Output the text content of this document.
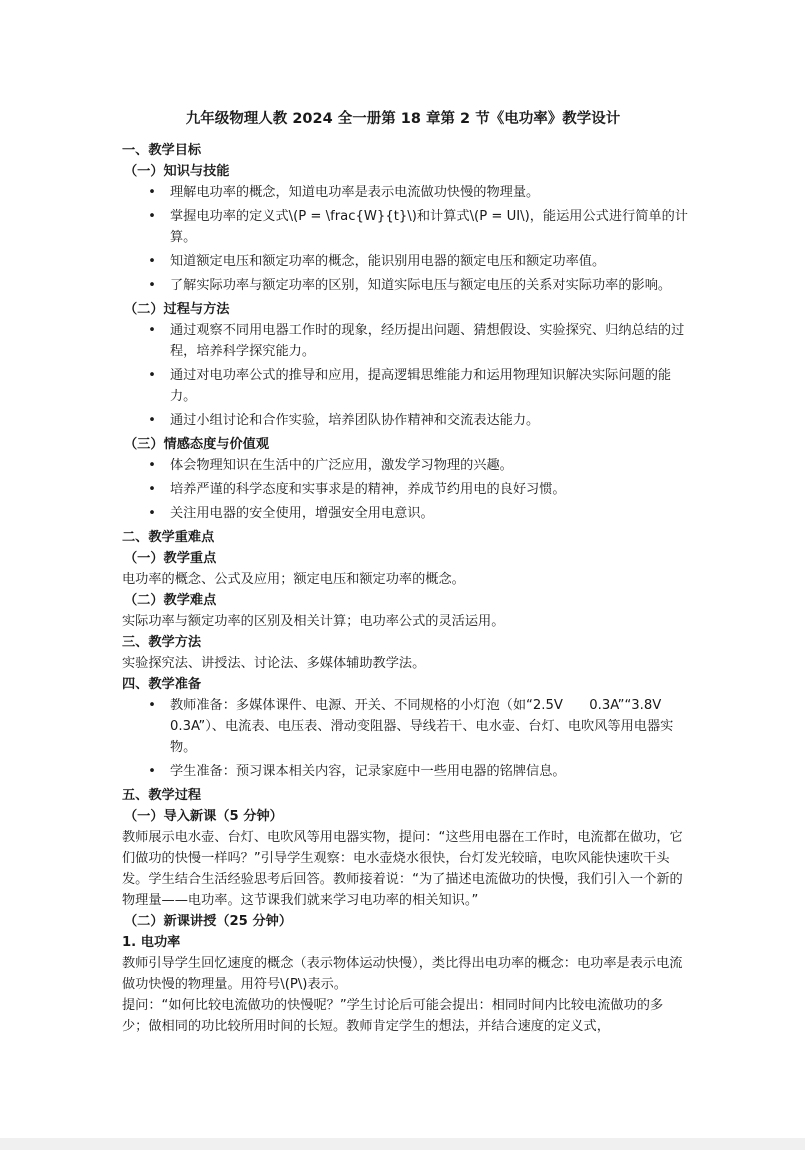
九年级物理人教 2024 全一册第 18 章第 2 节《电功率》教学设计
一、教学目标
（一）知识与技能
• 理解电功率的概念，知道电功率是表示电流做功快慢的物理量。
• 掌握电功率的定义式\(P = \frac{W}{t}\)和计算式\(P = UI\)，能运用公式进行简单的计算。
• 知道额定电压和额定功率的概念，能识别用电器的额定电压和额定功率值。
• 了解实际功率与额定功率的区别，知道实际电压与额定电压的关系对实际功率的影响。
（二）过程与方法
• 通过观察不同用电器工作时的现象，经历提出问题、猜想假设、实验探究、归纳总结的过程，培养科学探究能力。
• 通过对电功率公式的推导和应用，提高逻辑思维能力和运用物理知识解决实际问题的能力。
• 通过小组讨论和合作实验，培养团队协作精神和交流表达能力。
（三）情感态度与价值观
• 体会物理知识在生活中的广泛应用，激发学习物理的兴趣。
• 培养严谨的科学态度和实事求是的精神，养成节约用电的良好习惯。
• 关注用电器的安全使用，增强安全用电意识。
二、教学重难点
（一）教学重点

电功率的概念、公式及应用；额定电压和额定功率的概念。

（二）教学难点

实际功率与额定功率的区别及相关计算；电功率公式的灵活运用。

三、教学方法

实验探究法、讲授法、讨论法、多媒体辅助教学法。

四、教学准备
• 教师准备：多媒体课件、电源、开关、不同规格的小灯泡（如“2.5V　　0.3A”“3.8V 0.3A”）、电流表、电压表、滑动变阻器、导线若干、电水壶、台灯、电吹风等用电器实物。
• 学生准备：预习课本相关内容，记录家庭中一些用电器的铭牌信息。
五、教学过程
（一）导入新课（5 分钟）

教师展示电水壶、台灯、电吹风等用电器实物，提问：“这些用电器在工作时，电流都在做功，它们做功的快慢一样吗？”引导学生观察：电水壶烧水很快，台灯发光较暗，电吹风能快速吹干头发。学生结合生活经验思考后回答。教师接着说：“为了描述电流做功的快慢，我们引入一个新的物理量——电功率。这节课我们就来学习电功率的相关知识。”

（二）新课讲授（25 分钟）
1. 电功率

教师引导学生回忆速度的概念（表示物体运动快慢），类比得出电功率的概念：电功率是表示电流做功快慢的物理量。用符号\(P\)表示。

提问：“如何比较电流做功的快慢呢？”学生讨论后可能会提出：相同时间内比较电流做功的多少；做相同的功比较所用时间的长短。教师肯定学生的想法，并结合速度的定义式，
